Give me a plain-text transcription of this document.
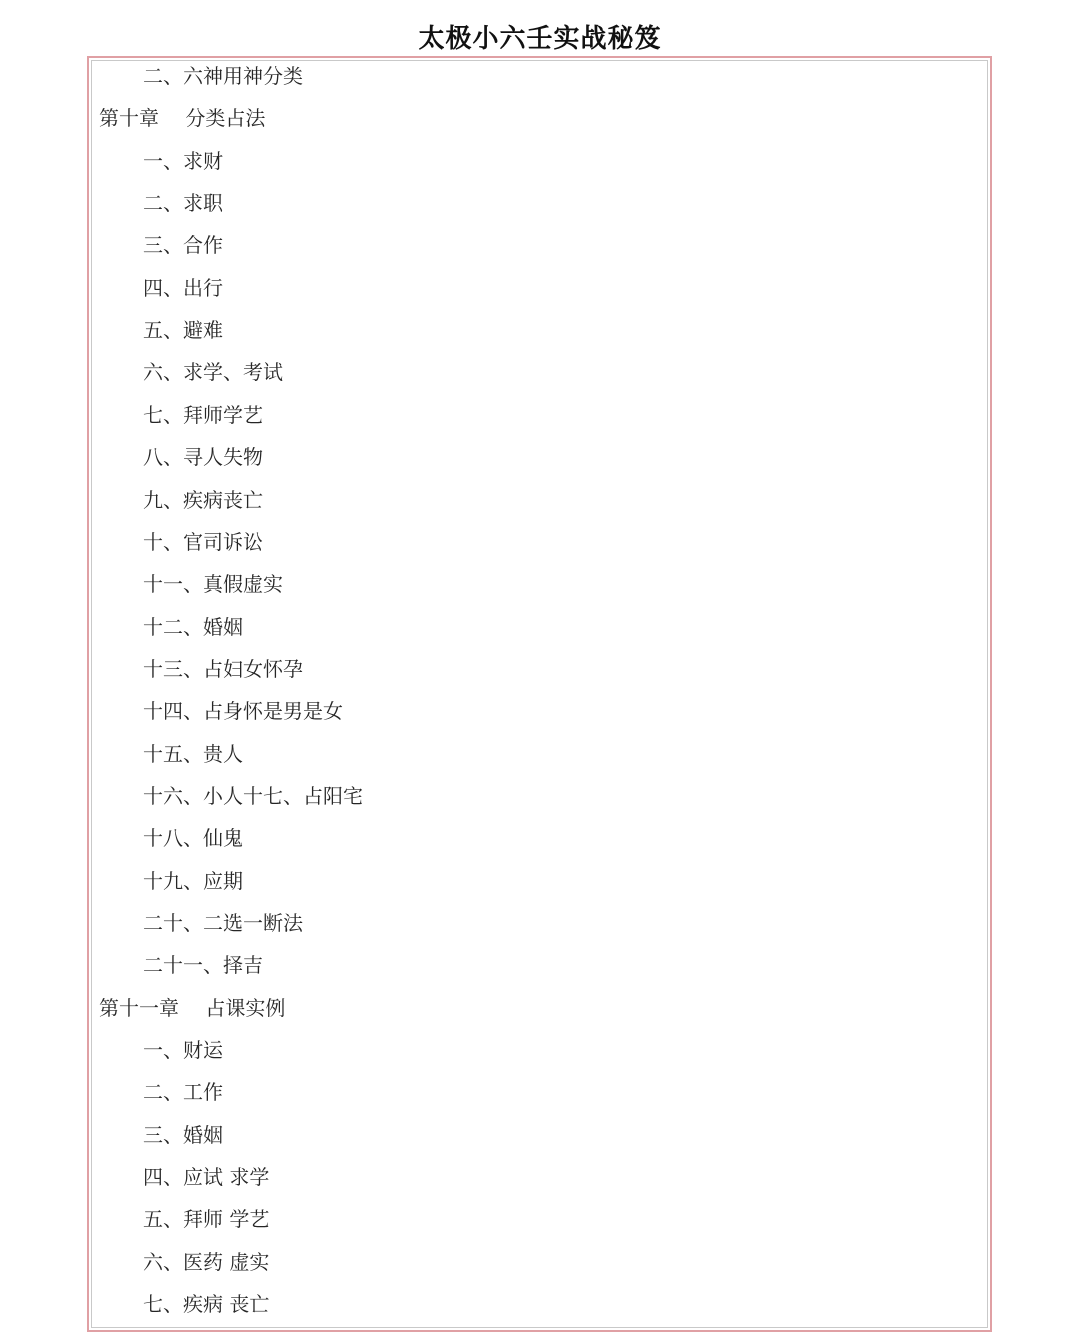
太极小六壬实战秘笈
二、六神用神分类
第十章　 分类占法
一、求财
二、求职
三、合作
四、出行
五、避难
六、求学、考试
七、拜师学艺
八、寻人失物
九、疾病丧亡
十、官司诉讼
十一、真假虚实
十二、婚姻
十三、占妇女怀孕
十四、占身怀是男是女
十五、贵人
十六、小人十七、占阳宅
十八、仙鬼
十九、应期
二十、二选一断法
二十一、择吉
第十一章　 占课实例
一、财运
二、工作
三、婚姻
四、应试 求学
五、拜师 学艺
六、医药 虚实
七、疾病 丧亡
